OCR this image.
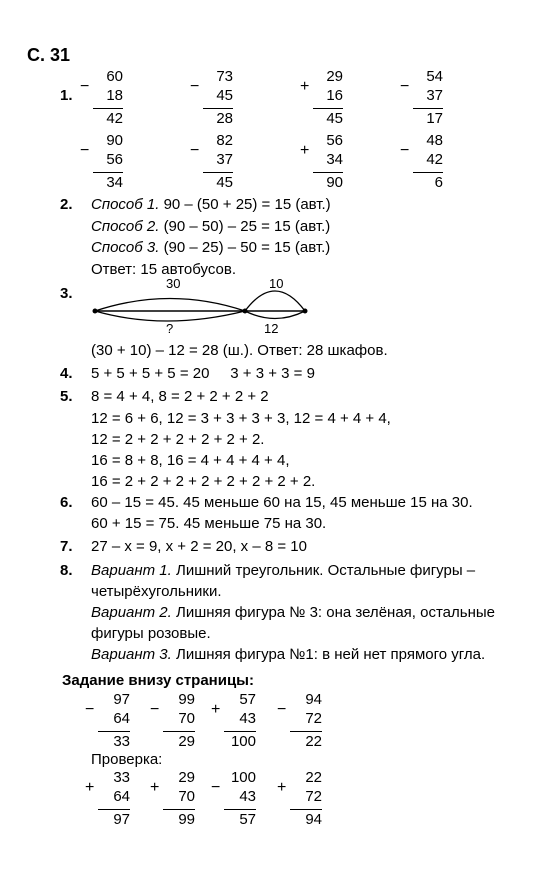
С. 31
1.
−
60
18
42
−
73
45
28
+
29
16
45
−
54
37
17
−
90
56
34
−
82
37
45
+
56
34
90
−
48
42
6
2. Способ 1. 90 – (50 + 25) = 15 (авт.)
Способ 2. (90 – 50) – 25 = 15 (авт.)
Способ 3. (90 – 25) – 50 = 15 (авт.)
Ответ: 15 автобусов.
3.
30	10
?	12
(30 + 10) – 12 = 28 (ш.). Ответ: 28 шкафов.
4. 5 + 5 + 5 + 5 = 20     3 + 3 + 3 = 9
5. 8 = 4 + 4, 8 = 2 + 2 + 2 + 2
12 = 6 + 6, 12 = 3 + 3 + 3 + 3, 12 = 4 + 4 + 4,
12 = 2 + 2 + 2 + 2 + 2 + 2.
16 = 8 + 8, 16 = 4 + 4 + 4 + 4,
16 = 2 + 2 + 2 + 2 + 2 + 2 + 2 + 2.
6. 60 – 15 = 45. 45 меньше 60 на 15, 45 меньше 15 на 30.
60 + 15 = 75. 45 меньше 75 на 30.
7. 27 – x = 9, x + 2 = 20, x – 8 = 10
8. Вариант 1. Лишний треугольник. Остальные фигуры –
четырёхугольники.
Вариант 2. Лишняя фигура № 3: она зелёная, остальные
фигуры розовые.
Вариант 3. Лишняя фигура №1: в ней нет прямого угла.
Задание внизу страницы:
−
97
64
33
−
99
70
29
+
57
43
100
−
94
72
22
Проверка:
+
33
64
97
+
29
70
99
−
100
43
57
+
22
72
94
